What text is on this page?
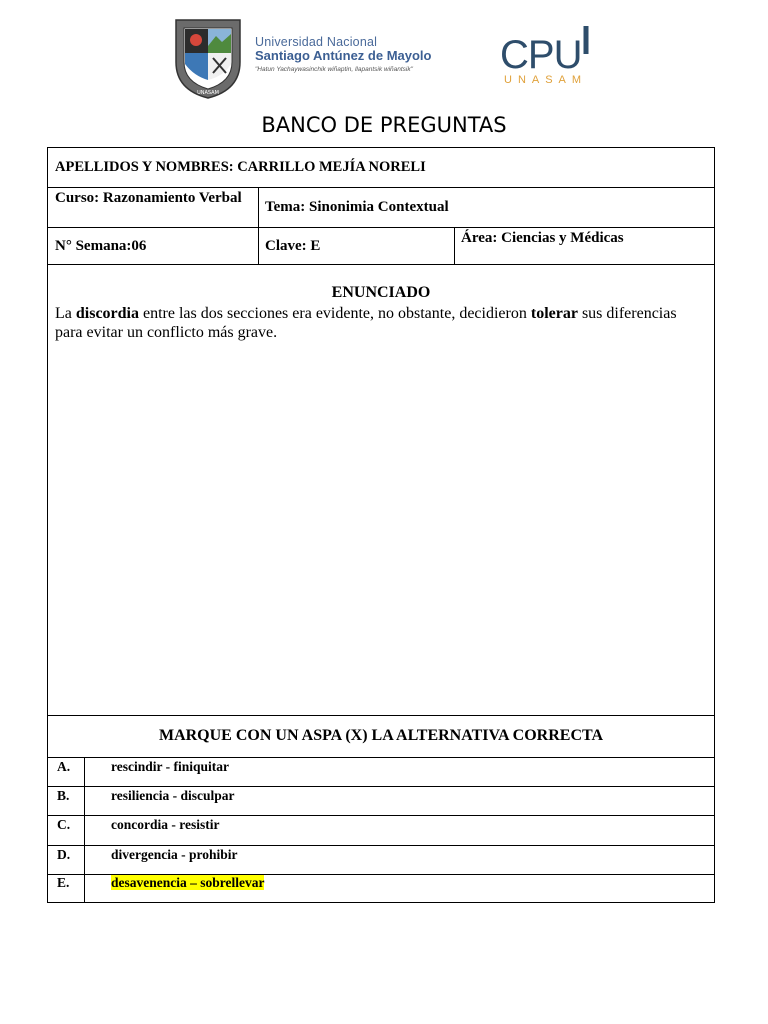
UNASAM
Universidad Nacional
Santiago Antúnez de Mayolo
"Hatun Yachaywasinchik wiñaptin, llapantsik wiñantsik"	CPU
UNASAM
BANCO DE PREGUNTAS
APELLIDOS Y NOMBRES: CARRILLO MEJÍA NORELI
Curso: Razonamiento Verbal
Tema: Sinonimia Contextual
N° Semana:06	Clave: E	Área: Ciencias y Médicas
ENUNCIADO
La discordia entre las dos secciones era evidente, no obstante, decidieron tolerar sus diferencias para evitar un conflicto más grave.
MARQUE CON UN ASPA (X) LA ALTERNATIVA CORRECTA
A.	rescindir - finiquitar
B.	resiliencia - disculpar
C.	concordia - resistir
D.	divergencia - prohibir
E.	desavenencia – sobrellevar
